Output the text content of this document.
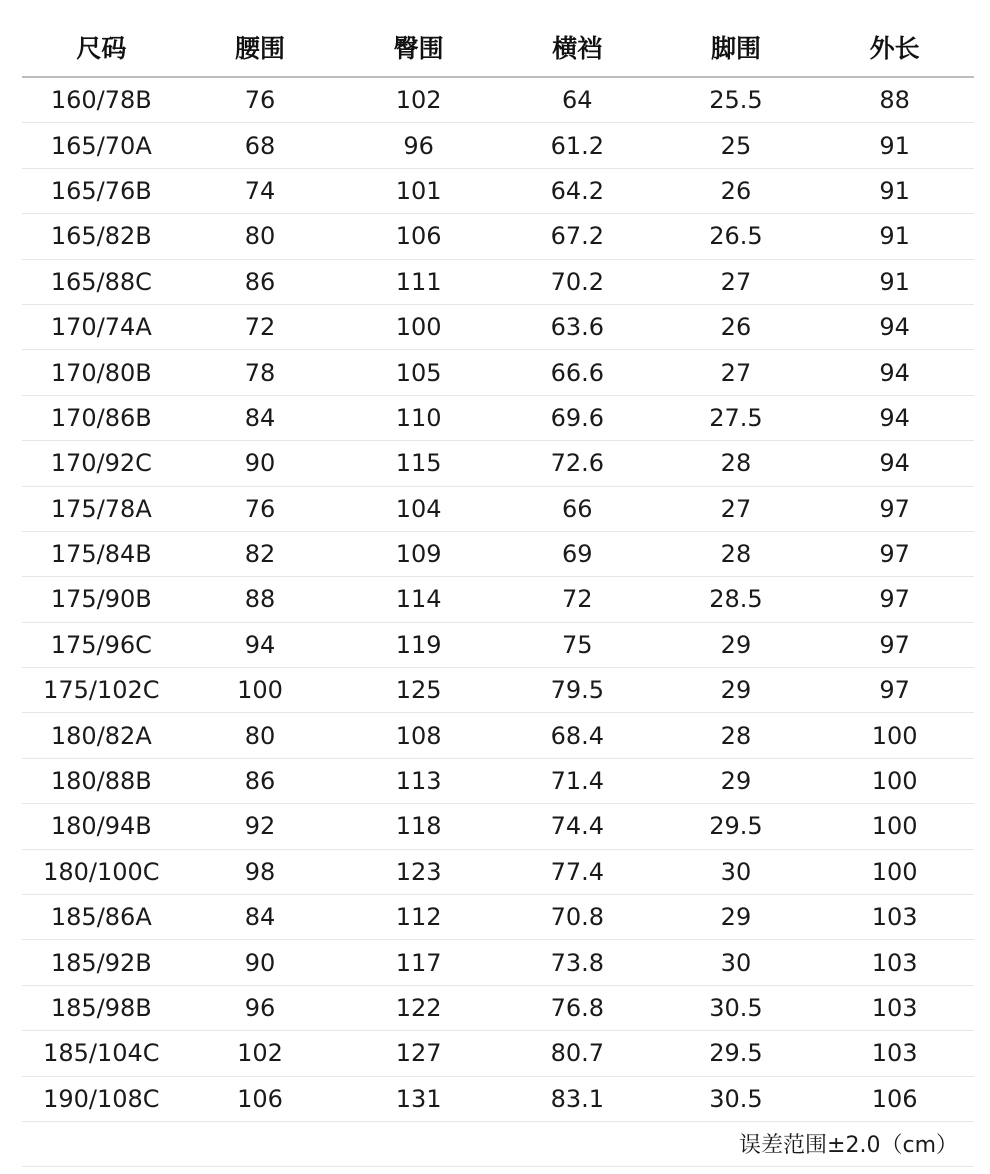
尺码	腰围	臀围	横裆	脚围	外长
160/78B	76	102	64	25.5	88
165/70A	68	96	61.2	25	91
165/76B	74	101	64.2	26	91
165/82B	80	106	67.2	26.5	91
165/88C	86	111	70.2	27	91
170/74A	72	100	63.6	26	94
170/80B	78	105	66.6	27	94
170/86B	84	110	69.6	27.5	94
170/92C	90	115	72.6	28	94
175/78A	76	104	66	27	97
175/84B	82	109	69	28	97
175/90B	88	114	72	28.5	97
175/96C	94	119	75	29	97
175/102C	100	125	79.5	29	97
180/82A	80	108	68.4	28	100
180/88B	86	113	71.4	29	100
180/94B	92	118	74.4	29.5	100
180/100C	98	123	77.4	30	100
185/86A	84	112	70.8	29	103
185/92B	90	117	73.8	30	103
185/98B	96	122	76.8	30.5	103
185/104C	102	127	80.7	29.5	103
190/108C	106	131	83.1	30.5	106
误差范围±2.0（cm）					
